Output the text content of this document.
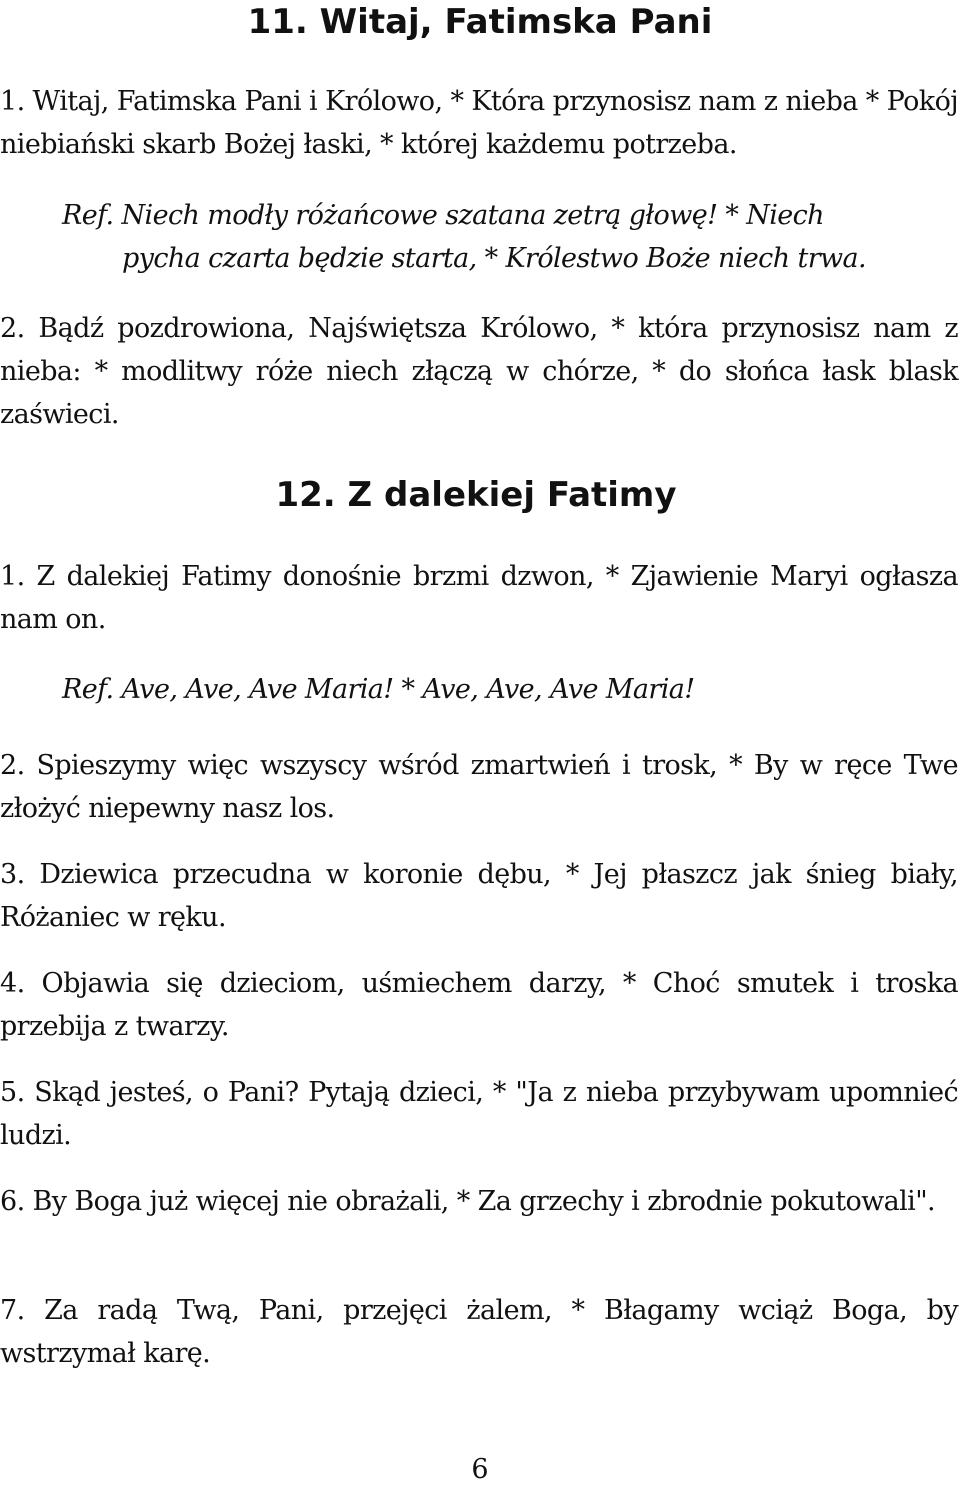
11. Witaj, Fatimska Pani

1. Witaj, Fatimska Pani i Królowo, * Która przynosisz nam z nieba * Pokój niebiański skarb Bożej łaski, * której każdemu potrzeba.

Ref. Niech modły różańcowe szatana zetrą głowę! * Niech
pycha czarta będzie starta, * Królestwo Boże niech trwa.

2. Bądź pozdrowiona, Najświętsza Królowo, * która przynosisz nam z nieba: * modlitwy róże niech złączą w chórze, * do słońca łask blask zaświeci.

12. Z dalekiej Fatimy

1. Z dalekiej Fatimy donośnie brzmi dzwon, * Zjawienie Maryi ogłasza nam on.

Ref. Ave, Ave, Ave Maria! * Ave, Ave, Ave Maria!

2. Spieszymy więc wszyscy wśród zmartwień i trosk, * By w ręce Twe złożyć niepewny nasz los.

3. Dziewica przecudna w koronie dębu, * Jej płaszcz jak śnieg biały, Różaniec w ręku.

4. Objawia się dzieciom, uśmiechem darzy, * Choć smutek i troska przebija z twarzy.

5. Skąd jesteś, o Pani? Pytają dzieci, * "Ja z nieba przybywam upomnieć ludzi.

6. By Boga już więcej nie obrażali, * Za grzechy i zbrodnie pokutowali".

7. Za radą Twą, Pani, przejęci żalem, * Błagamy wciąż Boga, by wstrzymał karę.

6
